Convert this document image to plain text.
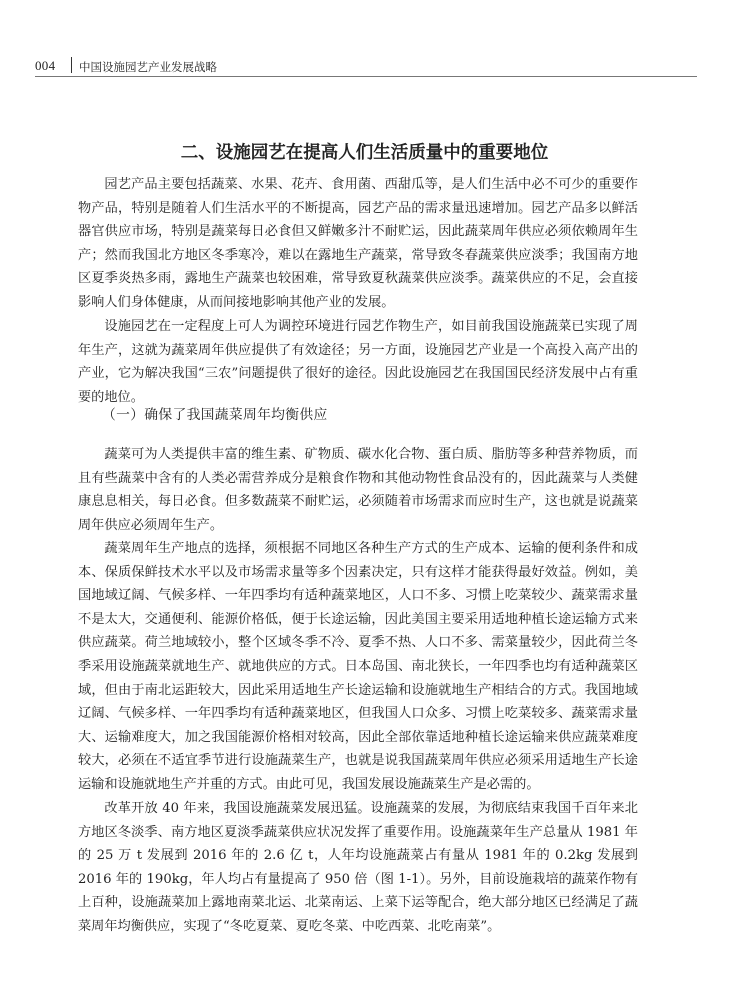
004 中国设施园艺产业发展战略
二、设施园艺在提高人们生活质量中的重要地位

园艺产品主要包括蔬菜、水果、花卉、食用菌、西甜瓜等，是人们生活中必不可少的重要作物产品，特别是随着人们生活水平的不断提高，园艺产品的需求量迅速增加。园艺产品多以鲜活器官供应市场，特别是蔬菜每日必食但又鲜嫩多汁不耐贮运，因此蔬菜周年供应必须依赖周年生产；然而我国北方地区冬季寒冷，难以在露地生产蔬菜，常导致冬春蔬菜供应淡季；我国南方地区夏季炎热多雨，露地生产蔬菜也较困难，常导致夏秋蔬菜供应淡季。蔬菜供应的不足，会直接影响人们身体健康，从而间接地影响其他产业的发展。

设施园艺在一定程度上可人为调控环境进行园艺作物生产，如目前我国设施蔬菜已实现了周年生产，这就为蔬菜周年供应提供了有效途径；另一方面，设施园艺产业是一个高投入高产出的产业，它为解决我国“三农”问题提供了很好的途径。因此设施园艺在我国国民经济发展中占有重要的地位。

（一）确保了我国蔬菜周年均衡供应

蔬菜可为人类提供丰富的维生素、矿物质、碳水化合物、蛋白质、脂肪等多种营养物质，而且有些蔬菜中含有的人类必需营养成分是粮食作物和其他动物性食品没有的，因此蔬菜与人类健康息息相关，每日必食。但多数蔬菜不耐贮运，必须随着市场需求而应时生产，这也就是说蔬菜周年供应必须周年生产。

蔬菜周年生产地点的选择，须根据不同地区各种生产方式的生产成本、运输的便利条件和成本、保质保鲜技术水平以及市场需求量等多个因素决定，只有这样才能获得最好效益。例如，美国地域辽阔、气候多样、一年四季均有适种蔬菜地区，人口不多、习惯上吃菜较少、蔬菜需求量不是太大，交通便利、能源价格低，便于长途运输，因此美国主要采用适地种植长途运输方式来供应蔬菜。荷兰地域较小，整个区域冬季不冷、夏季不热、人口不多、需菜量较少，因此荷兰冬季采用设施蔬菜就地生产、就地供应的方式。日本岛国、南北狭长，一年四季也均有适种蔬菜区域，但由于南北运距较大，因此采用适地生产长途运输和设施就地生产相结合的方式。我国地域辽阔、气候多样、一年四季均有适种蔬菜地区，但我国人口众多、习惯上吃菜较多、蔬菜需求量大、运输难度大，加之我国能源价格相对较高，因此全部依靠适地种植长途运输来供应蔬菜难度较大，必须在不适宜季节进行设施蔬菜生产，也就是说我国蔬菜周年供应必须采用适地生产长途运输和设施就地生产并重的方式。由此可见，我国发展设施蔬菜生产是必需的。

改革开放 40 年来，我国设施蔬菜发展迅猛。设施蔬菜的发展，为彻底结束我国千百年来北方地区冬淡季、南方地区夏淡季蔬菜供应状况发挥了重要作用。设施蔬菜年生产总量从 1981 年的 25 万 t 发展到 2016 年的 2.6 亿 t，人年均设施蔬菜占有量从 1981 年的 0.2kg 发展到 2016 年的 190kg，年人均占有量提高了 950 倍（图 1-1）。另外，目前设施栽培的蔬菜作物有上百种，设施蔬菜加上露地南菜北运、北菜南运、上菜下运等配合，绝大部分地区已经满足了蔬菜周年均衡供应，实现了“冬吃夏菜、夏吃冬菜、中吃西菜、北吃南菜”。
